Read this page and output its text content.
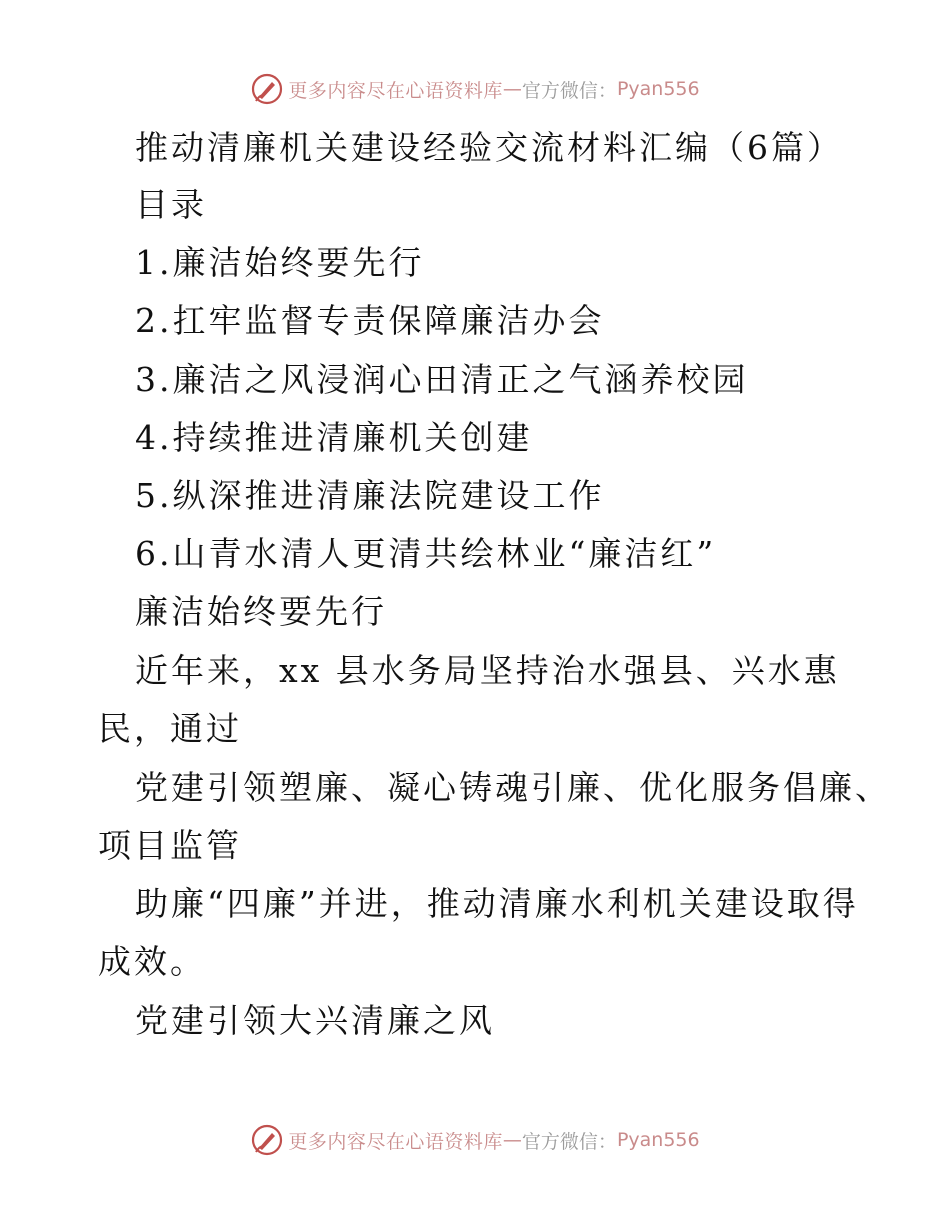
更多内容尽在心语资料库 — 官方微信： Pyan556
推动清廉机关建设经验交流材料汇编（6篇）
目录
1.廉洁始终要先行
2.扛牢监督专责保障廉洁办会
3.廉洁之风浸润心田清正之气涵养校园
4.持续推进清廉机关创建
5.纵深推进清廉法院建设工作
6.山青水清人更清共绘林业“廉洁红”
廉洁始终要先行
近年来，xx 县水务局坚持治水强县、兴水惠
民，通过
党建引领塑廉、凝心铸魂引廉、优化服务倡廉、
项目监管
助廉“四廉”并进，推动清廉水利机关建设取得
成效。
党建引领大兴清廉之风
更多内容尽在心语资料库 — 官方微信： Pyan556
